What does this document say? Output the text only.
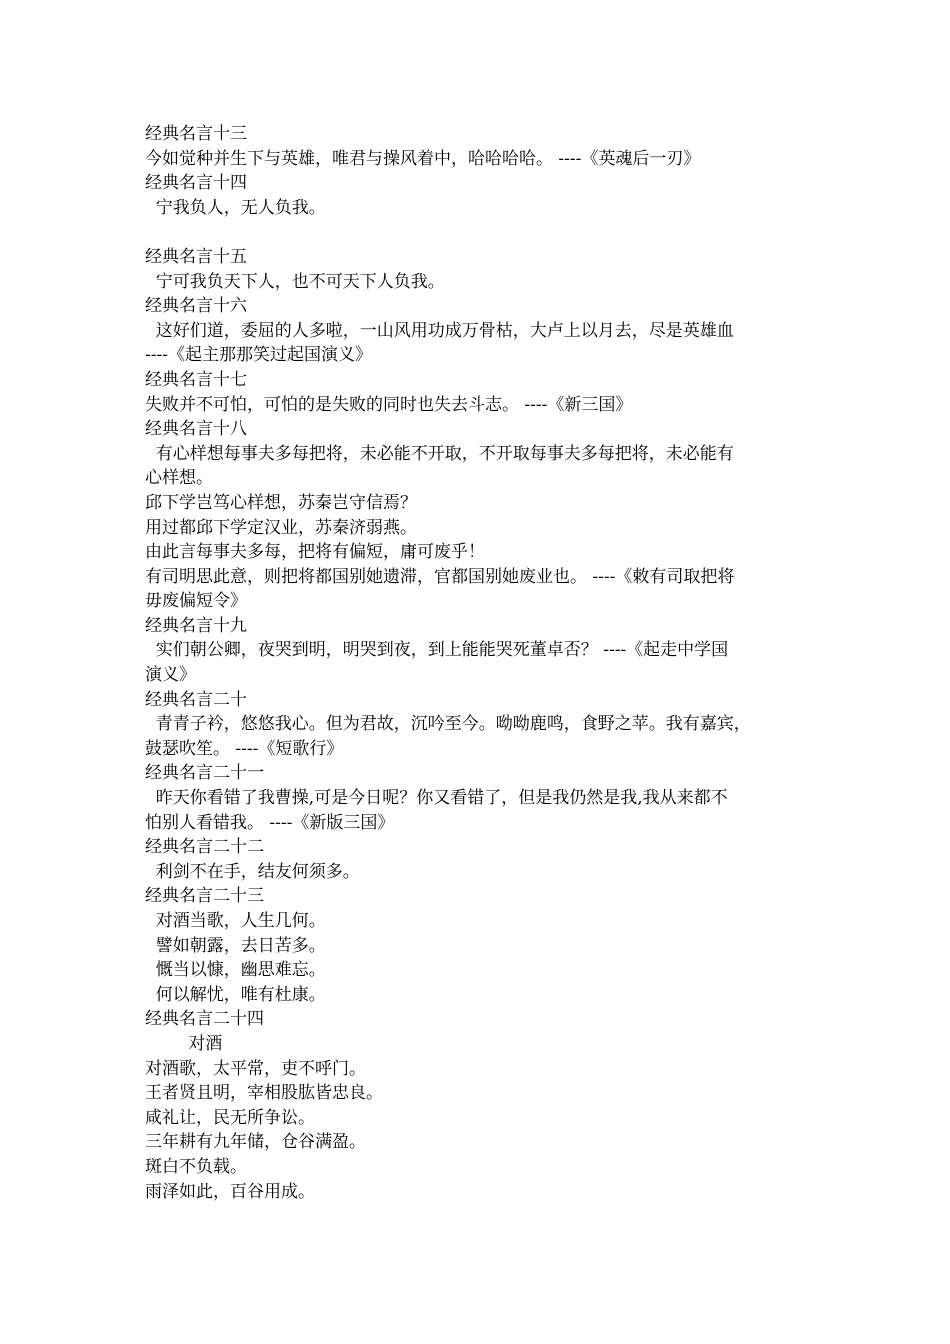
经典名言十三
今如觉种并生下与英雄，唯君与操风着中，哈哈哈哈。 ----《英魂后一刃》
经典名言十四
宁我负人，无人负我。
经典名言十五
宁可我负天下人，也不可天下人负我。
经典名言十六
这好们道，委屈的人多啦，一山风用功成万骨枯，大卢上以月去，尽是英雄血
----《起主那那笑过起国演义》
经典名言十七
失败并不可怕，可怕的是失败的同时也失去斗志。 ----《新三国》
经典名言十八
有心样想每事夫多每把将，未必能不开取，不开取每事夫多每把将，未必能有
心样想。
邱下学岂笃心样想，苏秦岂守信焉？
用过都邱下学定汉业，苏秦济弱燕。
由此言每事夫多每，把将有偏短，庸可废乎！
有司明思此意，则把将都国别她遗滞，官都国别她废业也。 ----《敕有司取把将
毋废偏短令》
经典名言十九
实们朝公卿，夜哭到明，明哭到夜，到上能能哭死董卓否？ ----《起走中学国
演义》
经典名言二十
青青子衿，悠悠我心。但为君故，沉吟至今。呦呦鹿鸣，食野之苹。我有嘉宾，
鼓瑟吹笙。 ----《短歌行》
经典名言二十一
昨天你看错了我曹操,可是今日呢？你又看错了，但是我仍然是我,我从来都不
怕别人看错我。 ----《新版三国》
经典名言二十二
利剑不在手，结友何须多。
经典名言二十三
对酒当歌，人生几何。
譬如朝露，去日苦多。
慨当以慷，幽思难忘。
何以解忧，唯有杜康。
经典名言二十四
对酒
对酒歌，太平常，吏不呼门。
王者贤且明，宰相股肱皆忠良。
咸礼让，民无所争讼。
三年耕有九年储，仓谷满盈。
斑白不负载。
雨泽如此，百谷用成。
